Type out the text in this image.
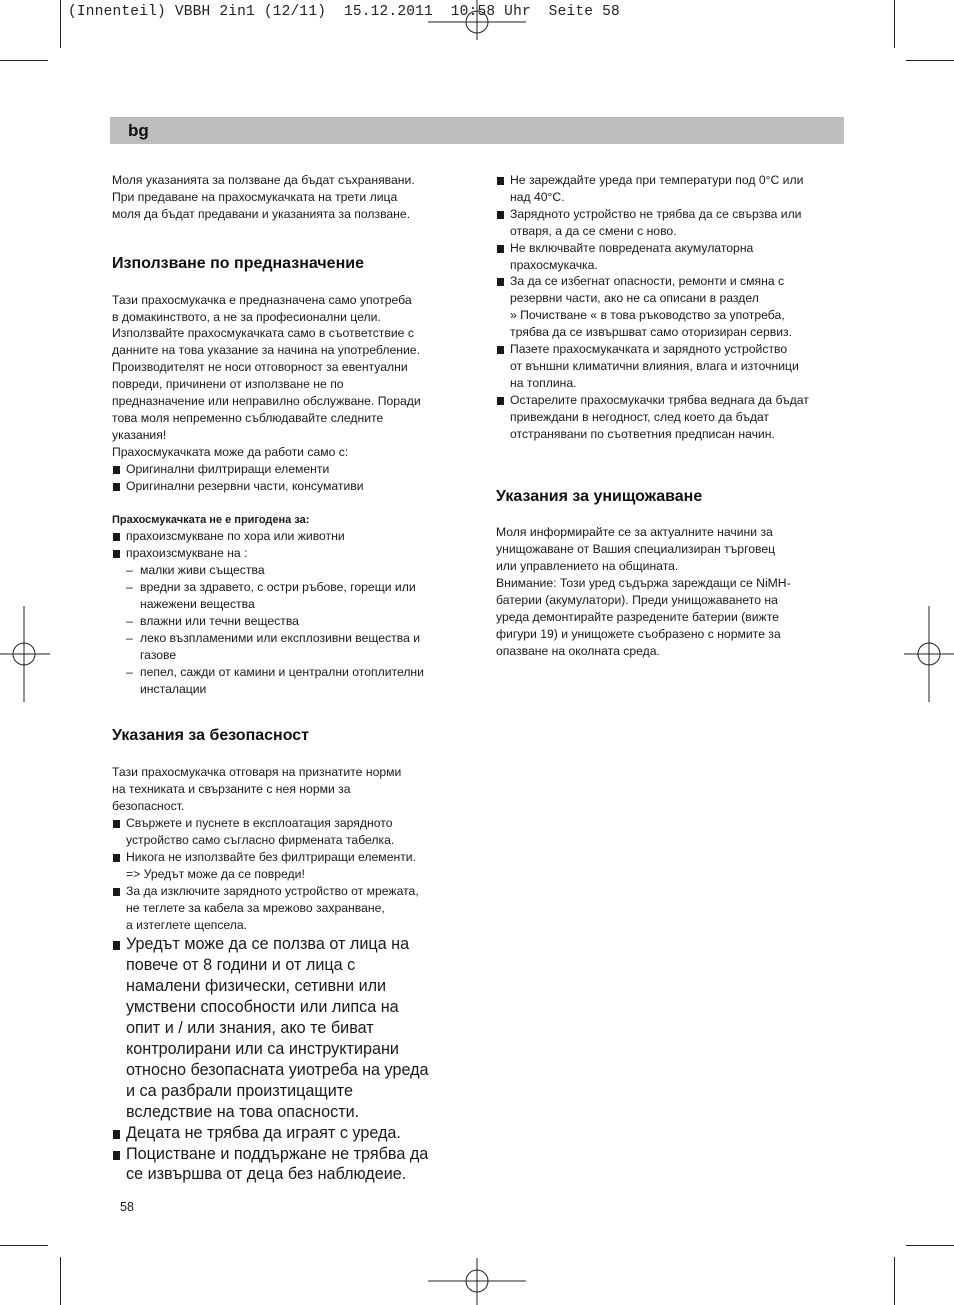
(Innenteil) VBBH 2in1 (12/11)  15.12.2011  10:58 Uhr  Seite 58
bg

Моля указанията за ползване да бъдат съхранявани.
При предаване на прахосмукачката на трети лица
моля да бъдат предавани и указанията за ползване.

Използване по предназначение

Тази прахосмукачка е предназначена само употреба
в домакинството, а не за професионални цели.
Използвайте прахосмукачката само в съответствие с
данните на това указание за начина на употребление.
Производителят не носи отговорност за евентуални
повреди, причинени от използване не по
предназначение или неправилно обслужване. Поради
това моля непременно съблюдавайте следните
указания!

Прахосмукачката може да работи само с:

Оригинални филтриращи елементи
Оригинални резервни части, консумативи

Прахосмукачката не е пригодена за:

прахоизсмукване по хора или животни
прахоизсмукване на :
– малки живи същества
– вредни за здравето, с остри ръбове, горещи или
нажежени вещества
– влажни или течни вещества
– леко възпламеними или експлозивни вещества и
газове
– пепел, сажди от камини и централни отоплителни
инсталации
Указания за безопасност

Тази прахосмукачка отговаря на признатите норми
на техниката и свързаните с нея норми за
безопасност.

Свържете и пуснете в експлоатация зарядното
устройство само съгласно фирмената табелка.
Никога не използвайте без филтриращи елементи.
=> Уредът може да се повреди!
За да изключите зарядното устройство от мрежата,
не теглете за кабела за мрежово захранване,
а изтеглете щепсела.
Уредът може да се ползва от лица на
повече от 8 години и от лица с
намалени физически, сетивни или
умствени способности или липса на
опит и / или знания, ако те биват
контролирани или са инструктирани
относно безопасната уиотреба на уреда
и са разбрали произтицащите
вследствие на това опасности.
Децата не трябва да играят с уреда.
Поцистване и поддържане не трябва да
се извършва от деца без наблюдеие.
Не зареждайте уреда при температури под 0°С или
над 40°С.
Зарядното устройство не трябва да се свързва или
отваря, а да се смени с ново.
Не включвайте повредената акумулаторна
прахосмукачка.
За да се избегнат опасности, ремонти и смяна с
резервни части, ако не са описани в раздел
» Почистване « в това ръководство за употреба,
трябва да се извършват само оторизиран сервиз.
Пазете прахосмукачката и зарядното устройство
от външни климатични влияния, влага и източници
на топлина.
Остарелите прахосмукачки трябва веднага да бъдат
привеждани в негодност, след което да бъдат
отстранявани по съответния предписан начин.
Указания за унищожаване

Моля информирайте се за актуалните начини за
унищожаване от Вашия специализиран търговец
или управлението на общината.
Внимание: Този уред съдържа зареждащи се NiMH-
батерии (акумулатори). Преди унищожаването на
уреда демонтирайте разредените батерии (вижте
фигури 19) и унищожете съобразено с нормите за
опазване на околната среда.

58
